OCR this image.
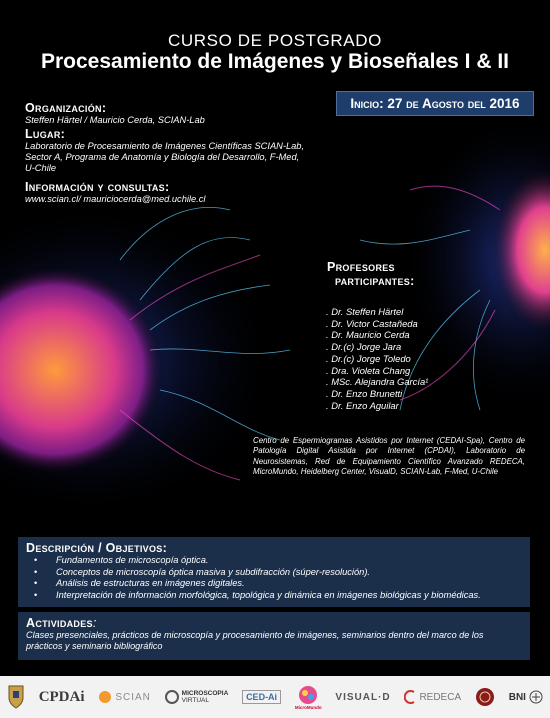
CURSO DE POSTGRADO
Procesamiento de Imágenes y Bioseñales I & II
Inicio: 27 de Agosto del 2016
Organización:
Steffen Härtel / Mauricio Cerda, SCIAN-Lab
Lugar:
Laboratorio de Procesamiento de Imágenes Científicas SCIAN-Lab,
Sector A, Programa de Anatomía y Biología del Desarrollo, F-Med,
U-Chile
Información y consultas:
www.scian.cl/ mauriciocerda@med.uchile.cl
Profesores
participantes:
. Dr. Steffen Härtel
. Dr. Victor Castañeda
. Dr. Mauricio Cerda
. Dr.(c) Jorge Jara
. Dr.(c) Jorge Toledo
. Dra. Violeta Chang
. MSc. Alejandra García¹
. Dr. Enzo Brunetti
. Dr. Enzo Aguilar
Centro de Espermiogramas Asistidos por Internet (CEDAI-Spa), Centro de Patología Digital Asistida por Internet (CPDAI), Laboratorio de Neurosistemas, Red de Equipamiento Científico Avanzado REDECA, MicroMundo, Heidelberg Center, VisualD, SCIAN-Lab, F-Med, U-Chile
Descripción / Objetivos:
• Fundamentos de microscopía óptica.
• Conceptos de microscopía óptica masiva y subdifracción (súper-resolución).
• Análisis de estructuras en imágenes digitales.
• Interpretación de información morfológica, topológica y dinámica en imágenes biológicas y biomédicas.
Actividades:
Clases presenciales, prácticos de microscopía y procesamiento de imágenes, seminarios dentro del marco de los
prácticos y seminario bibliográfico
CPDAi	SCIAN	MICROSCOPIA
VIRTUAL	CED-Ai
MicroMundo
VISUAL·D	REDECA	BNI
